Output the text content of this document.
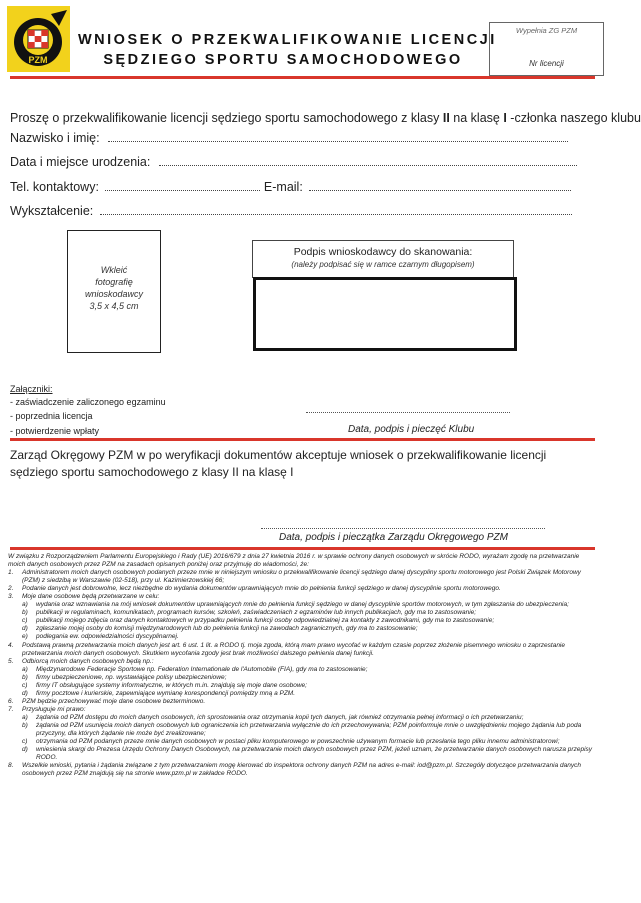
PZM
WNIOSEK O PRZEKWALIFIKOWANIE LICENCJI
SĘDZIEGO SPORTU SAMOCHODOWEGO
Wypełnia ZG PZM
Nr licencji
Proszę o przekwalifikowanie licencji sędziego sportu samochodowego z klasy II na klasę I -członka naszego klubu
Nazwisko i imię:
Data i miejsce urodzenia:
Tel. kontaktowy:	E-mail:
Wykształcenie:
Wkleić
fotografię
wnioskodawcy
3,5 x 4,5 cm
Podpis wnioskodawcy do skanowania:
(należy podpisać się w ramce czarnym długopisem)
Załączniki:
- zaświadczenie zaliczonego egzaminu
- poprzednia licencja
- potwierdzenie wpłaty	Data, podpis i pieczęć Klubu
Zarząd Okręgowy PZM w po weryfikacji dokumentów akceptuje wniosek o przekwalifikowanie licencji sędziego sportu samochodowego z klasy II na klasę I
Data, podpis i pieczątka Zarządu Okręgowego PZM

W związku z Rozporządzeniem Parlamentu Europejskiego i Rady (UE) 2016/679 z dnia 27 kwietnia 2016 r. w sprawie ochrony danych osobowych w skrócie RODO, wyrażam zgodę na przetwarzanie moich danych osobowych przez PZM na zasadach opisanych poniżej oraz przyjmuję do wiadomości, że:

1.	Administratorem moich danych osobowych podanych przeze mnie w niniejszym wniosku o przekwalifikowanie licencji sędziego danej dyscypliny sportu motorowego jest Polski Związek Motorowy (PZM) z siedzibą w Warszawie (02-518), przy ul. Kazimierzowskiej 66;
2.	Podanie danych jest dobrowolne, lecz niezbędne do wydania dokumentów uprawniających mnie do pełnienia funkcji sędziego w danej dyscyplinie sportu motorowego.
3.	Moje dane osobowe będą przetwarzane w celu:
a)	wydania oraz wznawiania na mój wniosek dokumentów uprawniających mnie do pełnienia funkcji sędziego w danej dyscyplinie sportów motorowych, w tym zgłaszania do ubezpieczenia;
b)	publikacji w regulaminach, komunikatach, programach kursów, szkoleń, zaświadczeniach z egzaminów lub innych publikacjach, gdy ma to zastosowanie;
c)	publikacji mojego zdjęcia oraz danych kontaktowych w przypadku pełnienia funkcji osoby odpowiedzialnej za kontakty z zawodnikami, gdy ma to zastosowanie;
d)	zgłaszanie mojej osoby do komisji międzynarodowych lub do pełnienia funkcji na zawodach zagranicznych, gdy ma to zastosowanie;
e)	podlegania ew. odpowiedzialności dyscyplinarnej.
4.	Podstawą prawną przetwarzania moich danych jest art. 6 ust. 1 lit. a RODO tj. moja zgoda, którą mam prawo wycofać w każdym czasie poprzez złożenie pisemnego wniosku o zaprzestanie przetwarzania moich danych osobowych. Skutkiem wycofania zgody jest brak możliwości dalszego pełnienia danej funkcji.
5.	Odbiorcą moich danych osobowych będą np.:
a)	Międzynarodowe Federacje Sportowe np. Federation Internationale de l'Automobile (FIA), gdy ma to zastosowanie;
b)	firmy ubezpieczeniowe, np. wystawiające polisy ubezpieczeniowe;
c)	firmy IT obsługujące systemy informatyczne, w których m.in. znajdują się moje dane osobowe;
d)	firmy pocztowe i kurierskie, zapewniające wymianę korespondencji pomiędzy mną a PZM.
6.	PZM będzie przechowywać moje dane osobowe bezterminowo.
7.	Przysługuje mi prawo:
a)	żądania od PZM dostępu do moich danych osobowych, ich sprostowania oraz otrzymania kopii tych danych, jak również otrzymania pełnej informacji o ich przetwarzaniu;
b)	żądania od PZM usunięcia moich danych osobowych lub ograniczenia ich przetwarzania wyłącznie do ich przechowywania; PZM poinformuje mnie o uwzględnieniu mojego żądania lub poda przyczyny, dla których żądanie nie może być zrealizowane;
c)	otrzymania od PZM podanych przeze mnie danych osobowych w postaci pliku komputerowego w powszechnie używanym formacie lub przesłania tego pliku innemu administratorowi;
d)	wniesienia skargi do Prezesa Urzędu Ochrony Danych Osobowych, na przetwarzanie moich danych osobowych przez PZM, jeżeli uznam, że przetwarzanie danych osobowych narusza przepisy RODO.
8.	Wszelkie wnioski, pytania i żądania związane z tym przetwarzaniem mogę kierować do inspektora ochrony danych PZM na adres e-mail: iod@pzm.pl. Szczegóły dotyczące przetwarzania danych osobowych przez PZM znajdują się na stronie www.pzm.pl w zakładce RODO.
